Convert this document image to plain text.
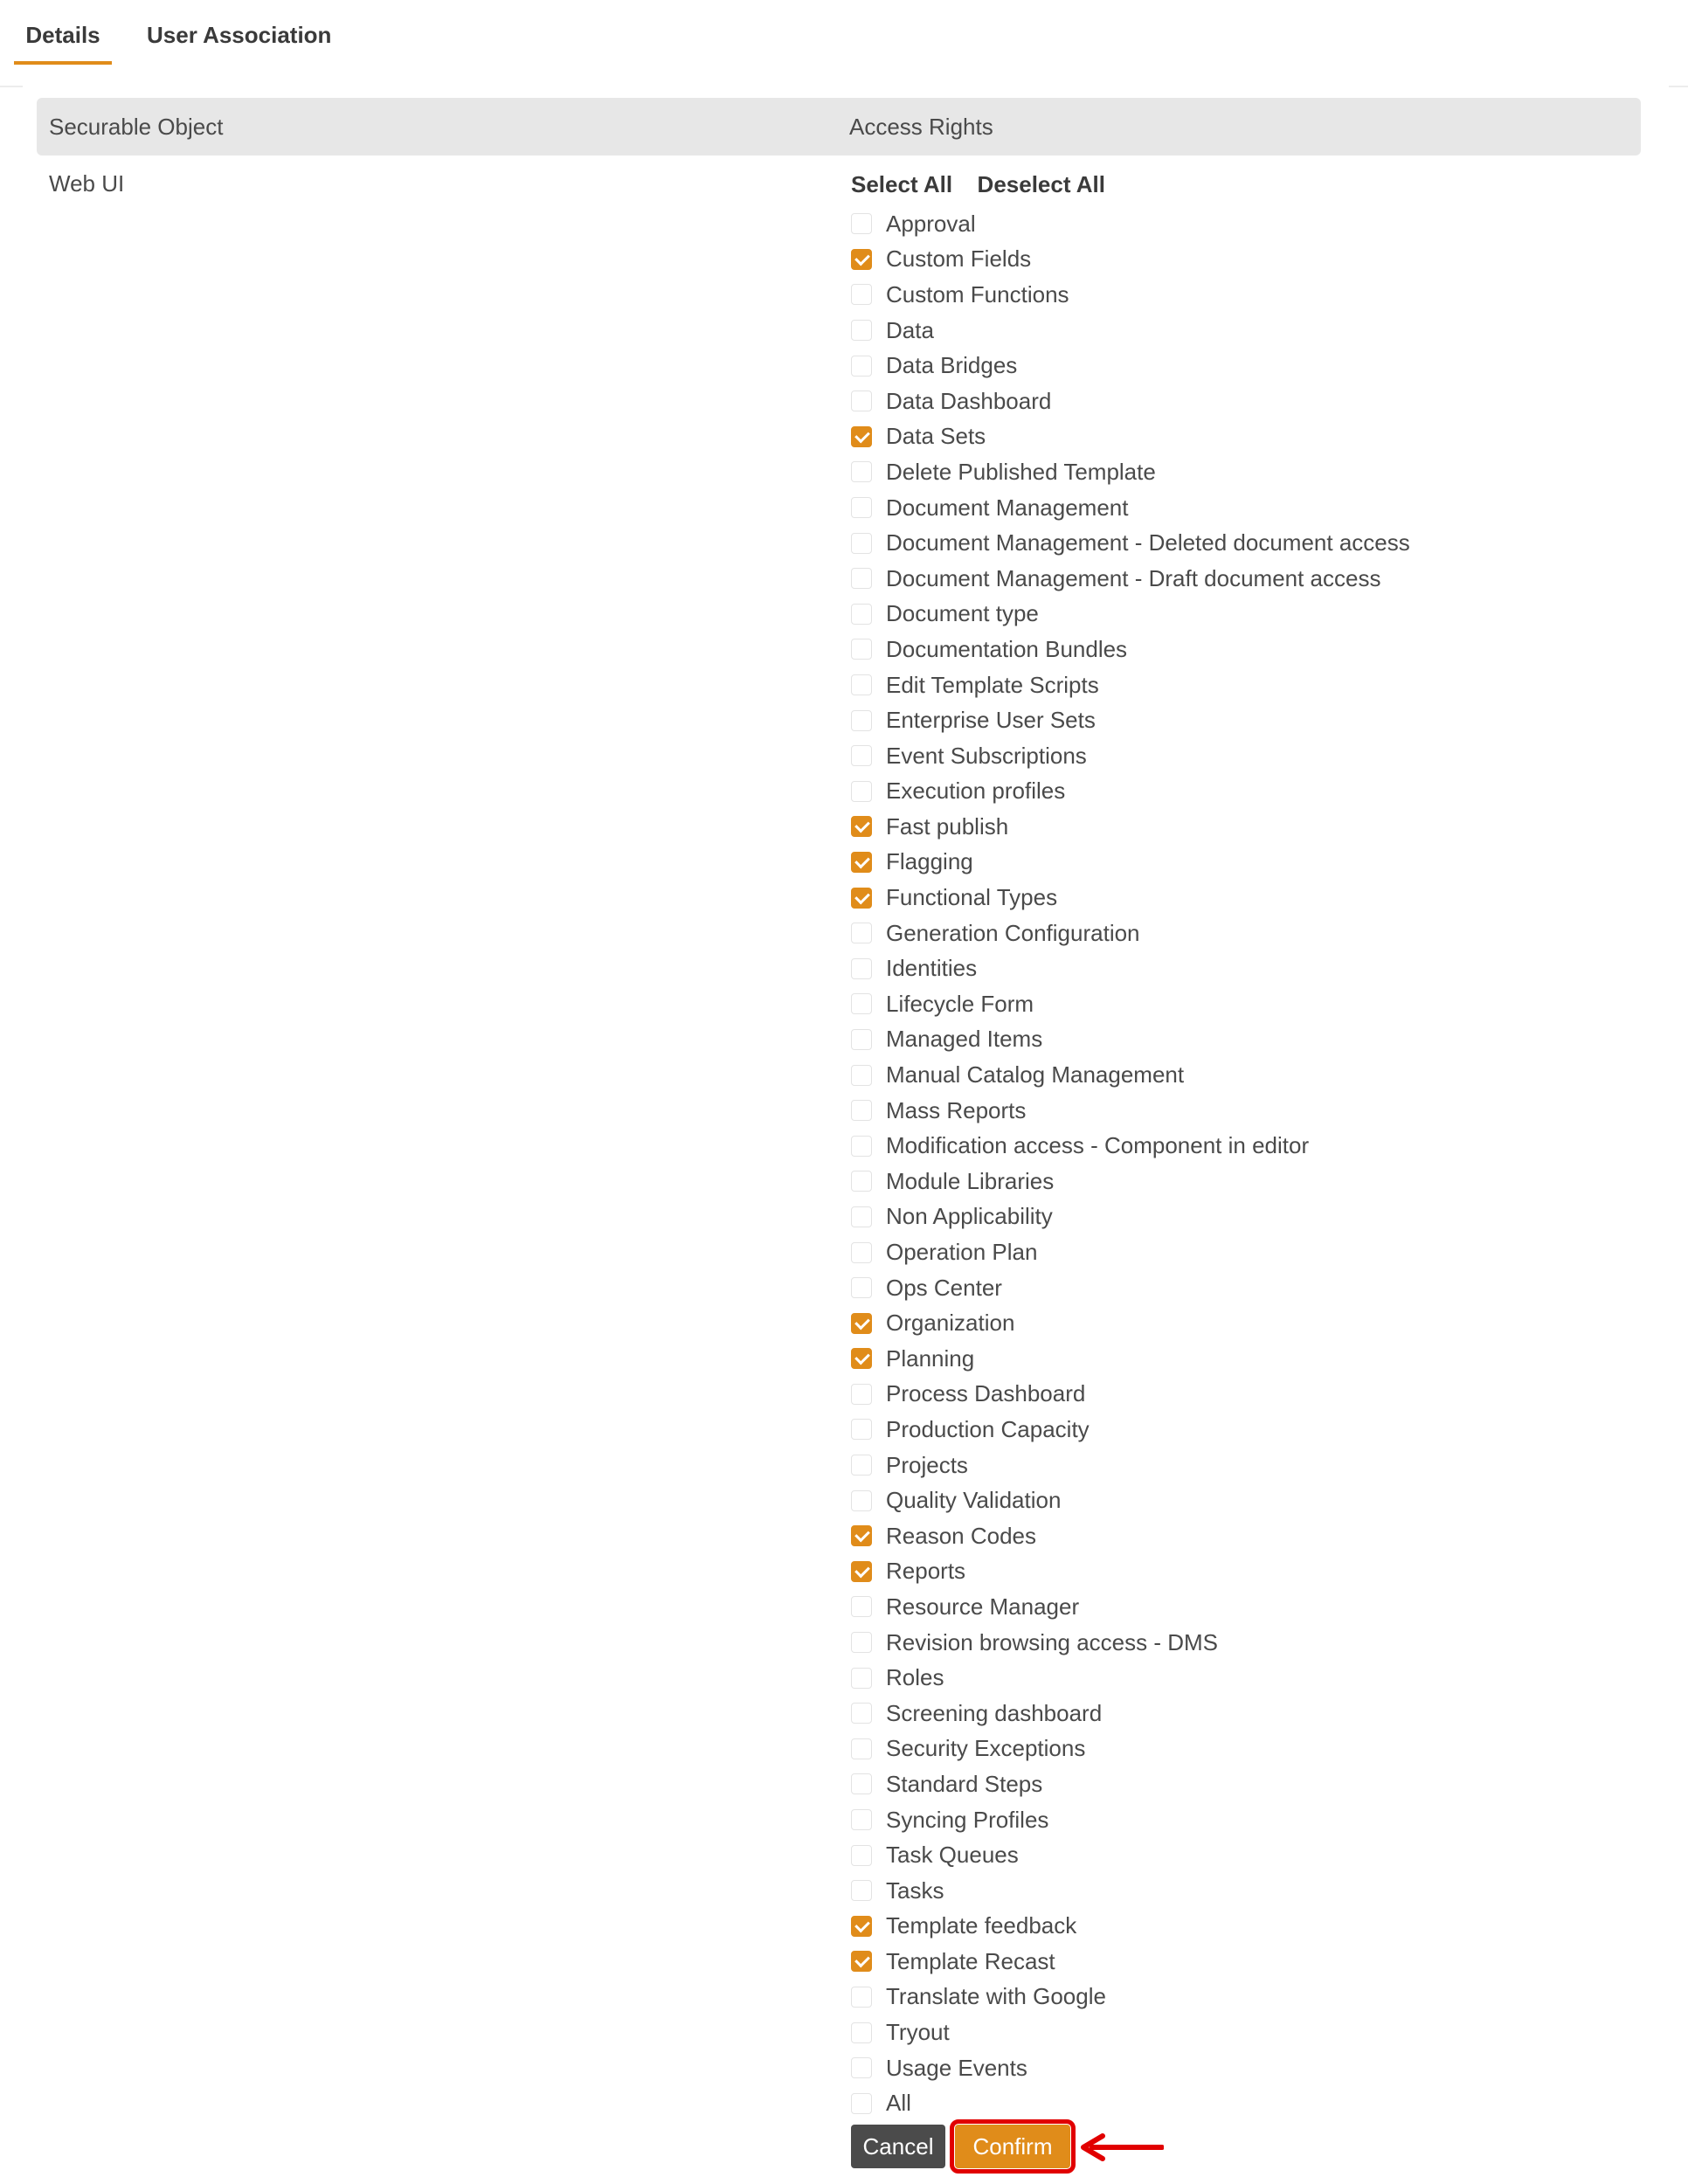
Details	User Association
Securable Object	Access Rights
Web UI	Select All Deselect All
Approval
Custom Fields
Custom Functions
Data
Data Bridges
Data Dashboard
Data Sets
Delete Published Template
Document Management
Document Management - Deleted document access
Document Management - Draft document access
Document type
Documentation Bundles
Edit Template Scripts
Enterprise User Sets
Event Subscriptions
Execution profiles
Fast publish
Flagging
Functional Types
Generation Configuration
Identities
Lifecycle Form
Managed Items
Manual Catalog Management
Mass Reports
Modification access - Component in editor
Module Libraries
Non Applicability
Operation Plan
Ops Center
Organization
Planning
Process Dashboard
Production Capacity
Projects
Quality Validation
Reason Codes
Reports
Resource Manager
Revision browsing access - DMS
Roles
Screening dashboard
Security Exceptions
Standard Steps
Syncing Profiles
Task Queues
Tasks
Template feedback
Template Recast
Translate with Google
Tryout
Usage Events
All
Cancel	Confirm
